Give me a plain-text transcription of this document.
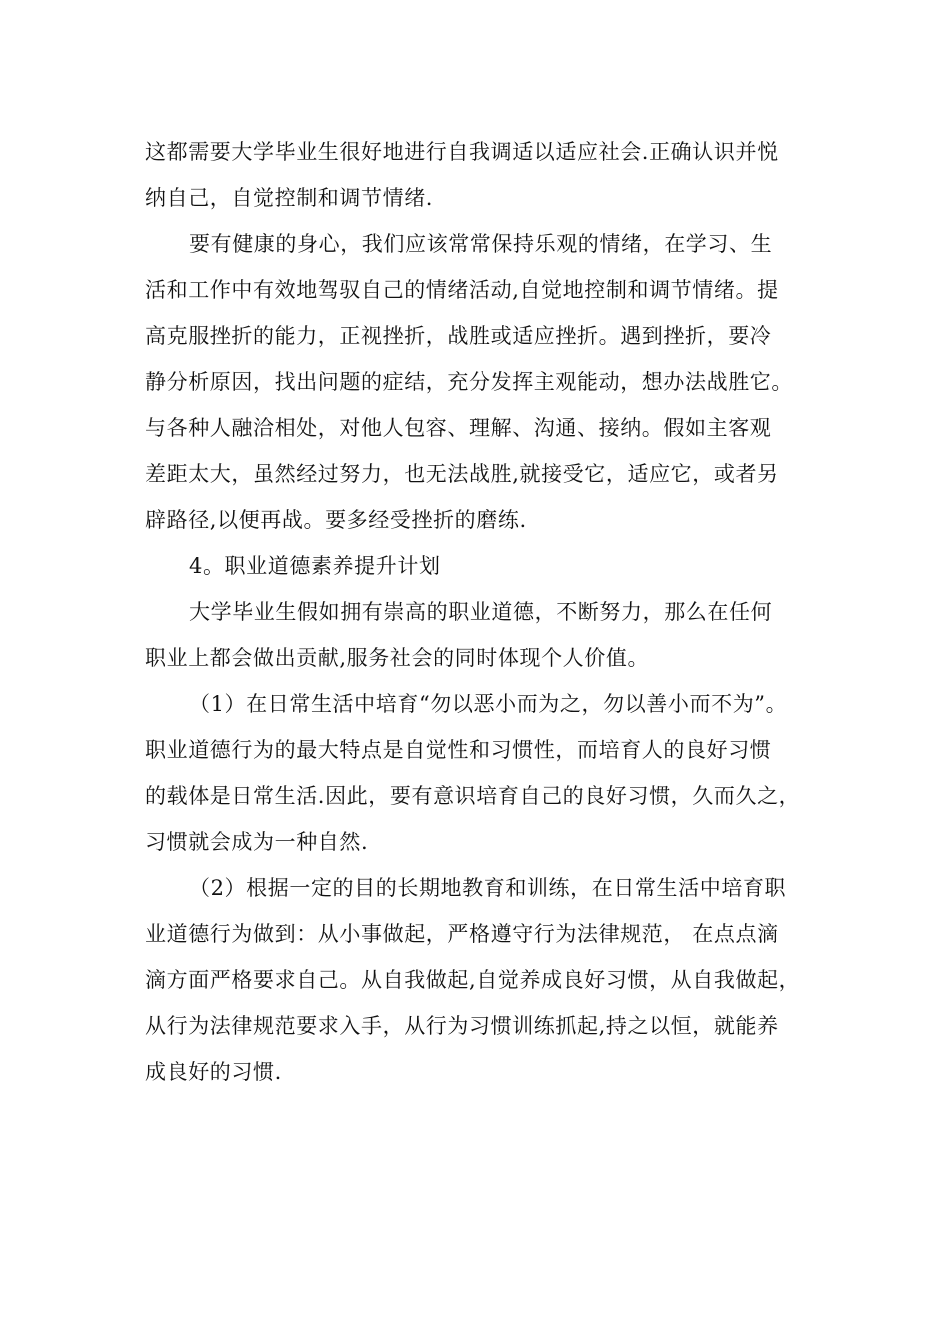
这都需要大学毕业生很好地进行自我调适以适应社会.正确认识并悦
纳自己，自觉控制和调节情绪.
要有健康的身心，我们应该常常保持乐观的情绪，在学习、生
活和工作中有效地驾驭自己的情绪活动,自觉地控制和调节情绪。提
高克服挫折的能力，正视挫折，战胜或适应挫折。遇到挫折，要冷
静分析原因，找出问题的症结，充分发挥主观能动，想办法战胜它。
与各种人融洽相处，对他人包容、理解、沟通、接纳。假如主客观
差距太大，虽然经过努力，也无法战胜,就接受它，适应它，或者另
辟路径,以便再战。要多经受挫折的磨练.
4。职业道德素养提升计划
大学毕业生假如拥有崇高的职业道德，不断努力，那么在任何
职业上都会做出贡献,服务社会的同时体现个人价值。
（1）在日常生活中培育“勿以恶小而为之，勿以善小而不为”。
职业道德行为的最大特点是自觉性和习惯性，而培育人的良好习惯
的载体是日常生活.因此，要有意识培育自己的良好习惯，久而久之，
习惯就会成为一种自然.
（2）根据一定的目的长期地教育和训练，在日常生活中培育职
业道德行为做到：从小事做起，严格遵守行为法律规范， 在点点滴
滴方面严格要求自己。从自我做起,自觉养成良好习惯，从自我做起，
从行为法律规范要求入手，从行为习惯训练抓起,持之以恒，就能养
成良好的习惯.
